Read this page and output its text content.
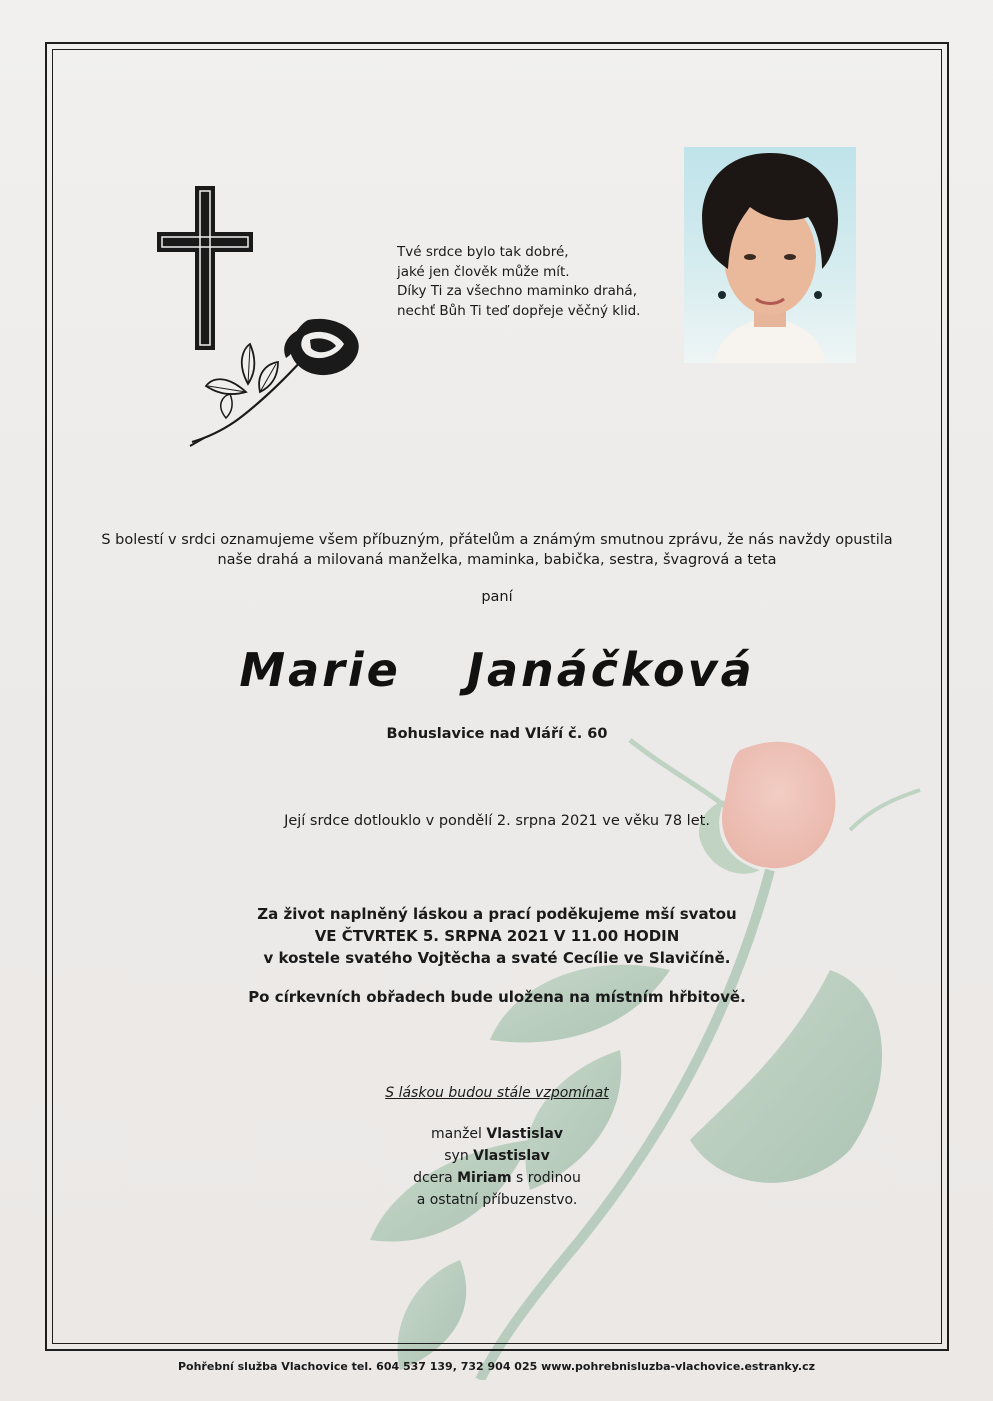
Tvé srdce bylo tak dobré,
jaké jen člověk může mít.
Díky Ti za všechno maminko drahá,
nechť Bůh Ti teď dopřeje věčný klid.
S bolestí v srdci oznamujeme všem příbuzným, přátelům a známým smutnou zprávu, že nás navždy opustila
naše drahá a milovaná manželka, maminka, babička, sestra, švagrová a teta
paní
Marie  Janáčková
Bohuslavice nad Vláří č. 60
Její srdce dotlouklo v pondělí 2. srpna 2021 ve věku 78 let.
Za život naplněný láskou a prací poděkujeme mší svatou
VE ČTVRTEK 5. SRPNA 2021 V 11.00 HODIN
v kostele svatého Vojtěcha a svaté Cecílie ve Slavičíně.
Po církevních obřadech bude uložena na místním hřbitově.
S láskou budou stále vzpomínat
manžel Vlastislav
syn Vlastislav
dcera Miriam s rodinou
a ostatní příbuzenstvo.
Pohřební služba Vlachovice tel. 604 537 139, 732 904 025 www.pohrebnisluzba-vlachovice.estranky.cz
